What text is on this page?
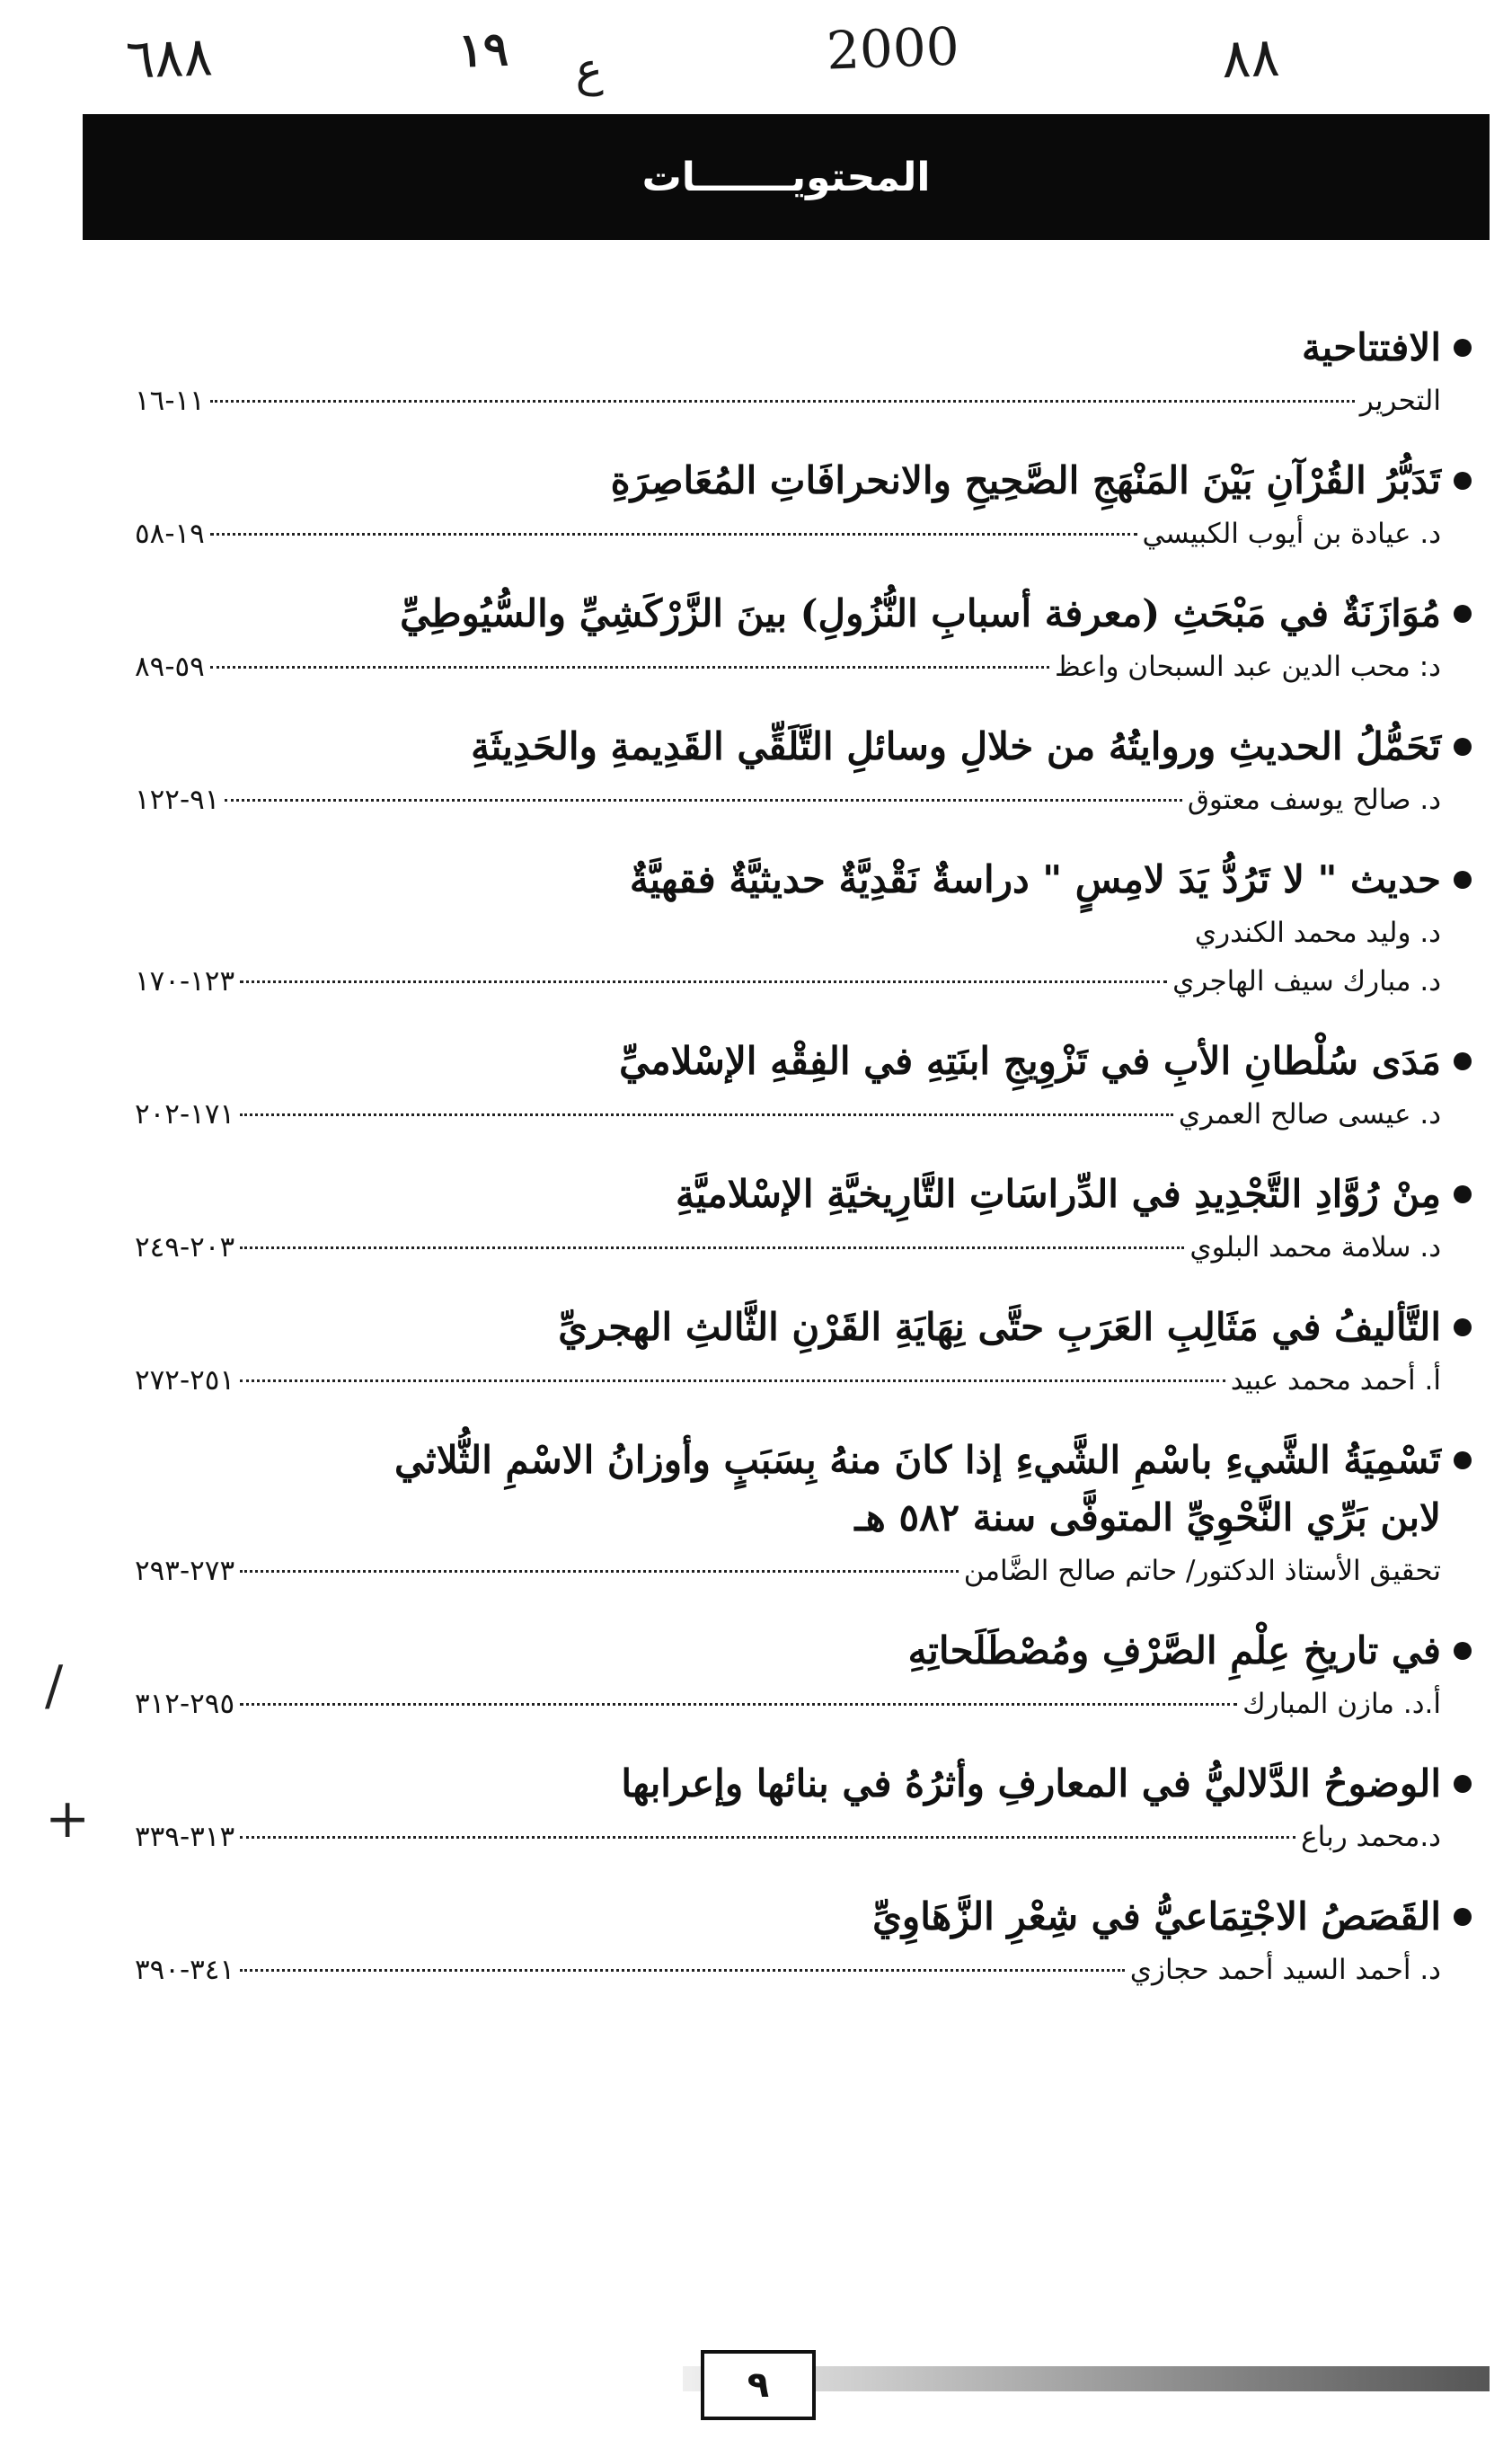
٨٨
١٩ ع	2000
٦٨٨
المحتويـــــــات
الافتتاحية
التحرير
١١-١٦
تَدَبُّرُ القُرْآنِ بَيْنَ المَنْهَجِ الصَّحِيحِ والانحرافَاتِ المُعَاصِرَةِ
د. عيادة بن أيوب الكبيسي
١٩-٥٨
مُوَازَنَةٌ في مَبْحَثِ (معرفة أسبابِ النُّزُولِ) بينَ الزَّرْكَشِيِّ والسُّيُوطِيِّ
د: محب الدين عبد السبحان واعظ
٥٩-٨٩
تَحَمُّلُ الحديثِ وروايتُهُ من خلالِ وسائلِ التَّلَقِّي القَدِيمةِ والحَدِيثَةِ
د. صالح يوسف معتوق
٩١-١٢٢
حديث " لا تَرُدُّ يَدَ لامِسٍ " دراسةٌ نَقْدِيَّةٌ حديثيَّةٌ فقهيَّةٌ
د. وليد محمد الكندري
د. مبارك سيف الهاجري
١٢٣-١٧٠
مَدَى سُلْطانِ الأبِ في تَزْوِيجِ ابنَتِهِ في الفِقْهِ الإسْلاميِّ
د. عيسى صالح العمري
١٧١-٢٠٢
مِنْ رُوَّادِ التَّجْدِيدِ في الدِّراسَاتِ التَّارِيخيَّةِ الإسْلاميَّةِ
د. سلامة محمد البلوي
٢٠٣-٢٤٩
التَّأليفُ في مَثَالِبِ العَرَبِ حتَّى نِهَايَةِ القَرْنِ الثَّالثِ الهجريِّ
أ. أحمد محمد عبيد
٢٥١-٢٧٢
تَسْمِيَةُ الشَّيءِ باسْمِ الشَّيءِ إذا كانَ منهُ بِسَبَبٍ وأوزانُ الاسْمِ الثُّلاثي
لابن بَرِّي النَّحْوِيِّ المتوفَّى سنة ٥٨٢ هـ
تحقيق الأستاذ الدكتور/ حاتم صالح الضَّامن
٢٧٣-٢٩٣
في تاريخِ عِلْمِ الصَّرْفِ ومُصْطَلَحاتِهِ
أ.د. مازن المبارك
٢٩٥-٣١٢
/
الوضوحُ الدَّلاليُّ في المعارفِ وأثرُهُ في بنائها وإعرابها
د.محمد رباع
٣١٣-٣٣٩
+
القَصَصُ الاجْتِمَاعيُّ في شِعْرِ الزَّهَاوِيِّ
د. أحمد السيد أحمد حجازي
٣٤١-٣٩٠
٩
